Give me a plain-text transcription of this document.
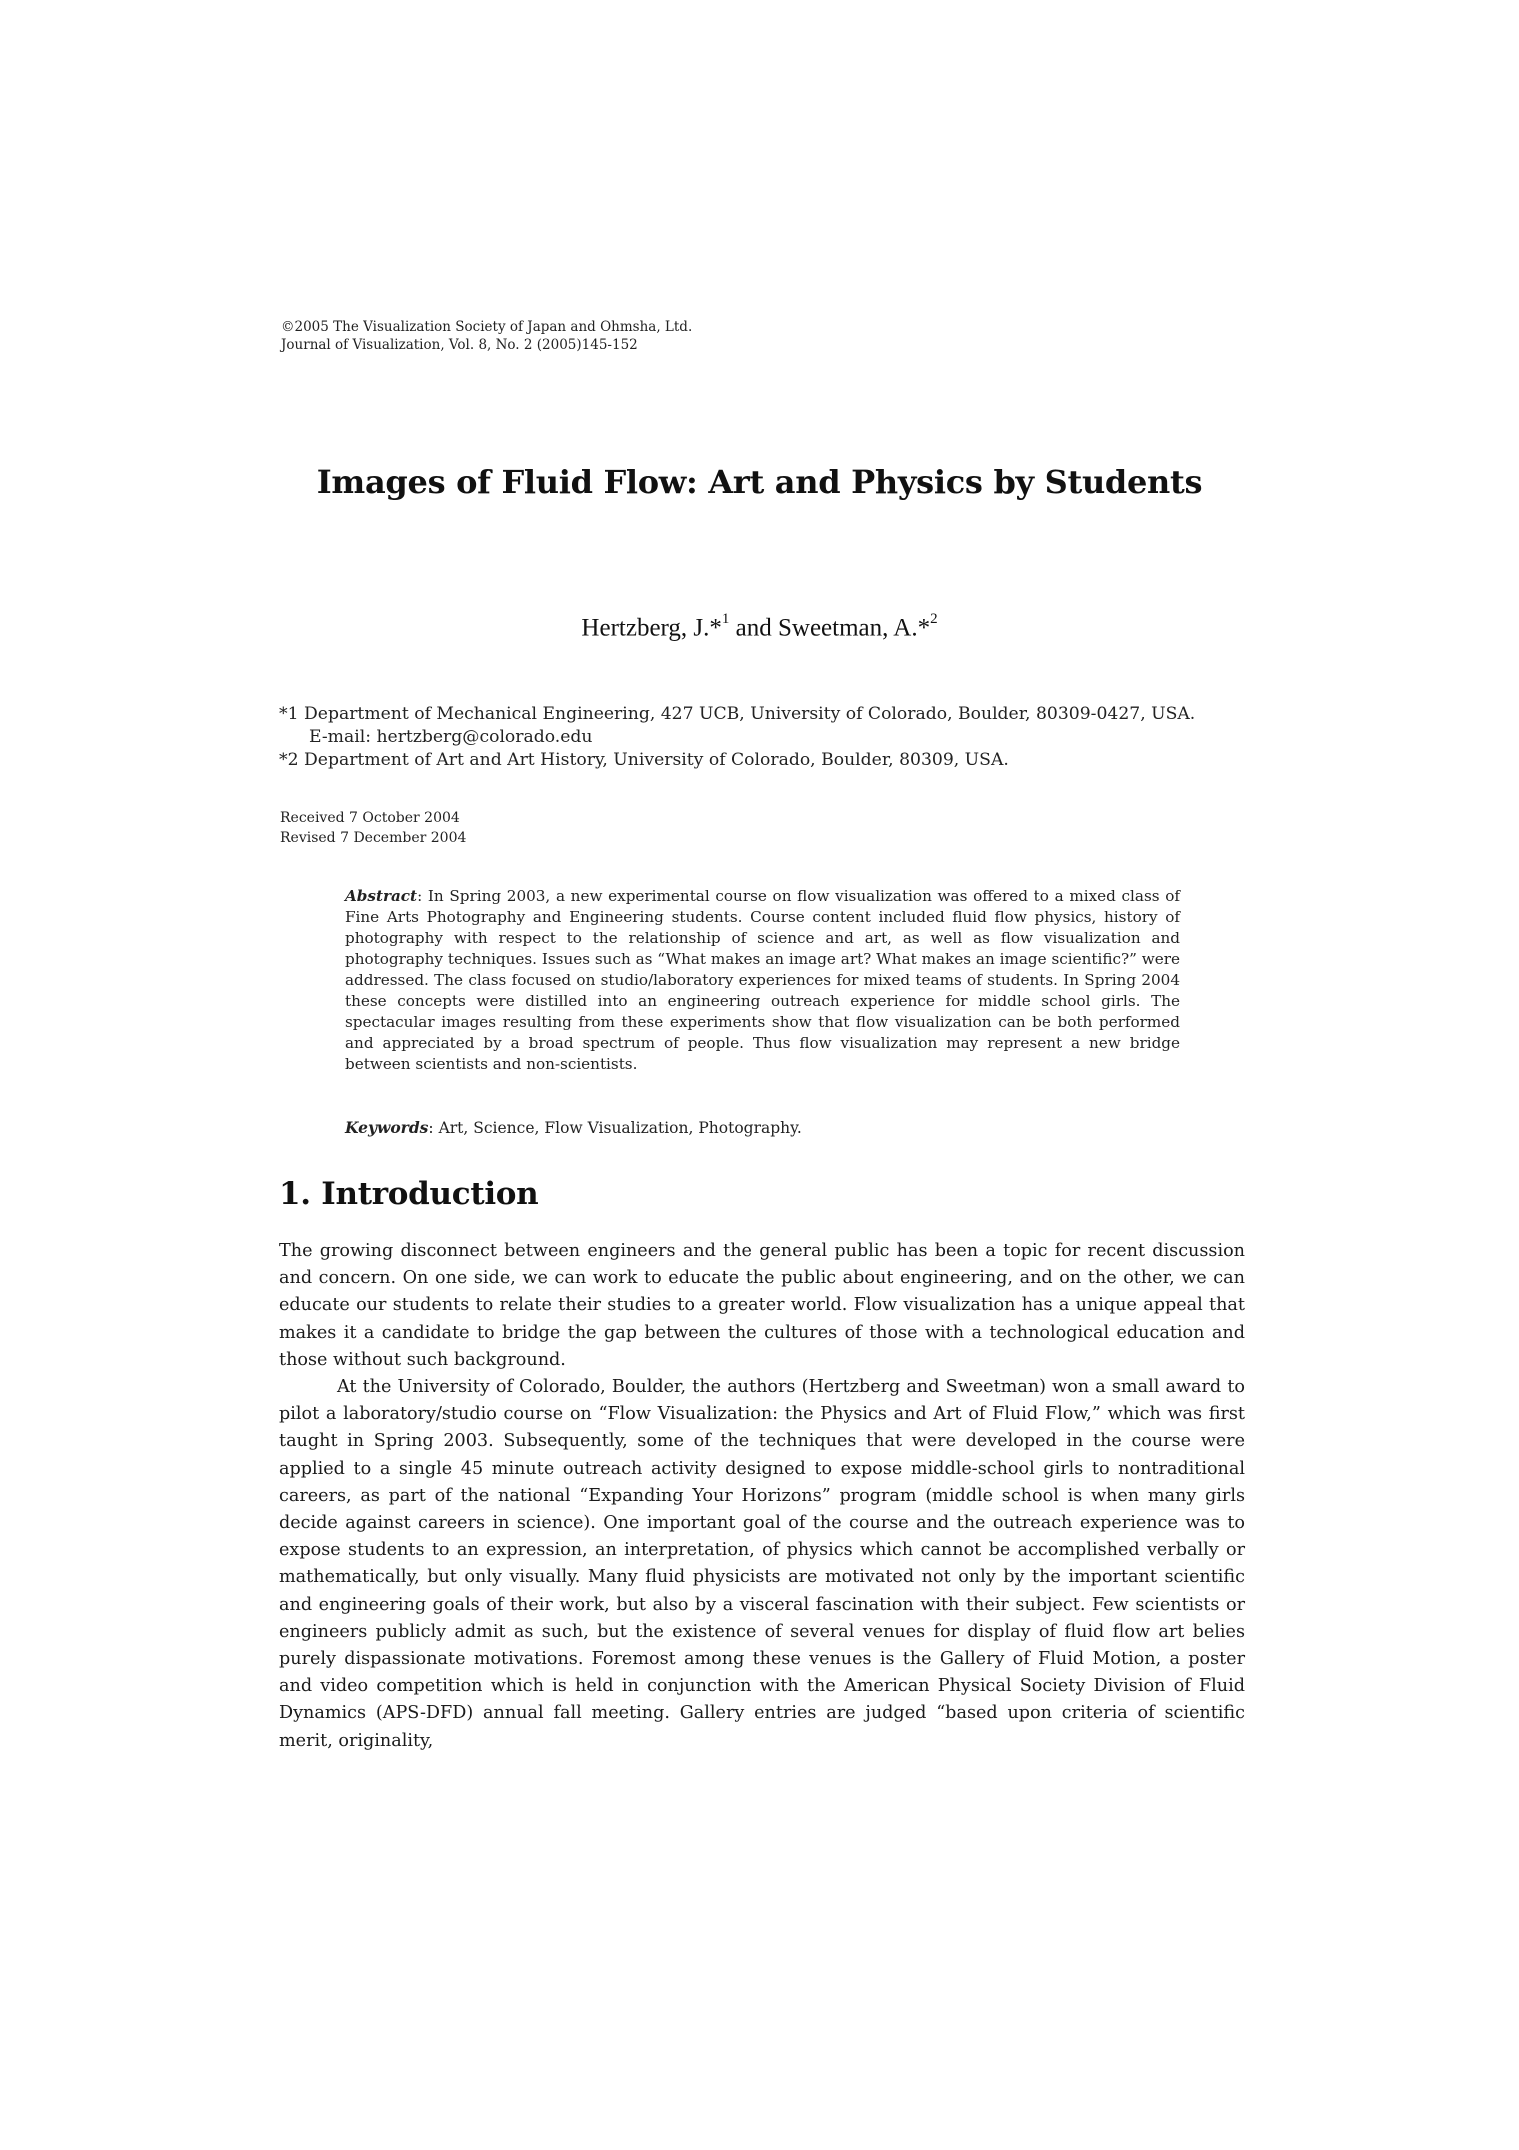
©2005 The Visualization Society of Japan and Ohmsha, Ltd.
Journal of Visualization, Vol. 8, No. 2 (2005)145-152
Images of Fluid Flow: Art and Physics by Students
Hertzberg, J.*$^1$ and Sweetman, A.*$^2$
*1 Department of Mechanical Engineering, 427 UCB, University of Colorado, Boulder, 80309-0427, USA.
E-mail: hertzberg@colorado.edu
*2 Department of Art and Art History, University of Colorado, Boulder, 80309, USA.
Received 7 October 2004
Revised 7 December 2004
Abstract: In Spring 2003, a new experimental course on flow visualization was offered to a mixed class of Fine Arts Photography and Engineering students. Course content included fluid flow physics, history of photography with respect to the relationship of science and art, as well as flow visualization and photography techniques. Issues such as “What makes an image art? What makes an image scientific?” were addressed. The class focused on studio/laboratory experiences for mixed teams of students. In Spring 2004 these concepts were distilled into an engineering outreach experience for middle school girls. The spectacular images resulting from these experiments show that flow visualization can be both performed and appreciated by a broad spectrum of people. Thus flow visualization may represent a new bridge between scientists and non-scientists.
Keywords: Art, Science, Flow Visualization, Photography.
1. Introduction

The growing disconnect between engineers and the general public has been a topic for recent discussion and concern. On one side, we can work to educate the public about engineering, and on the other, we can educate our students to relate their studies to a greater world. Flow visualization has a unique appeal that makes it a candidate to bridge the gap between the cultures of those with a technological education and those without such background.

At the University of Colorado, Boulder, the authors (Hertzberg and Sweetman) won a small award to pilot a laboratory/studio course on “Flow Visualization: the Physics and Art of Fluid Flow,” which was first taught in Spring 2003. Subsequently, some of the techniques that were developed in the course were applied to a single 45 minute outreach activity designed to expose middle-school girls to nontraditional careers, as part of the national “Expanding Your Horizons” program (middle school is when many girls decide against careers in science). One important goal of the course and the outreach experience was to expose students to an expression, an interpretation, of physics which cannot be accomplished verbally or mathematically, but only visually. Many fluid physicists are motivated not only by the important scientific and engineering goals of their work, but also by a visceral fascination with their subject. Few scientists or engineers publicly admit as such, but the existence of several venues for display of fluid flow art belies purely dispassionate motivations. Foremost among these venues is the Gallery of Fluid Motion, a poster and video competition which is held in conjunction with the American Physical Society Division of Fluid Dynamics (APS-DFD) annual fall meeting. Gallery entries are judged “based upon criteria of scientific merit, originality,
